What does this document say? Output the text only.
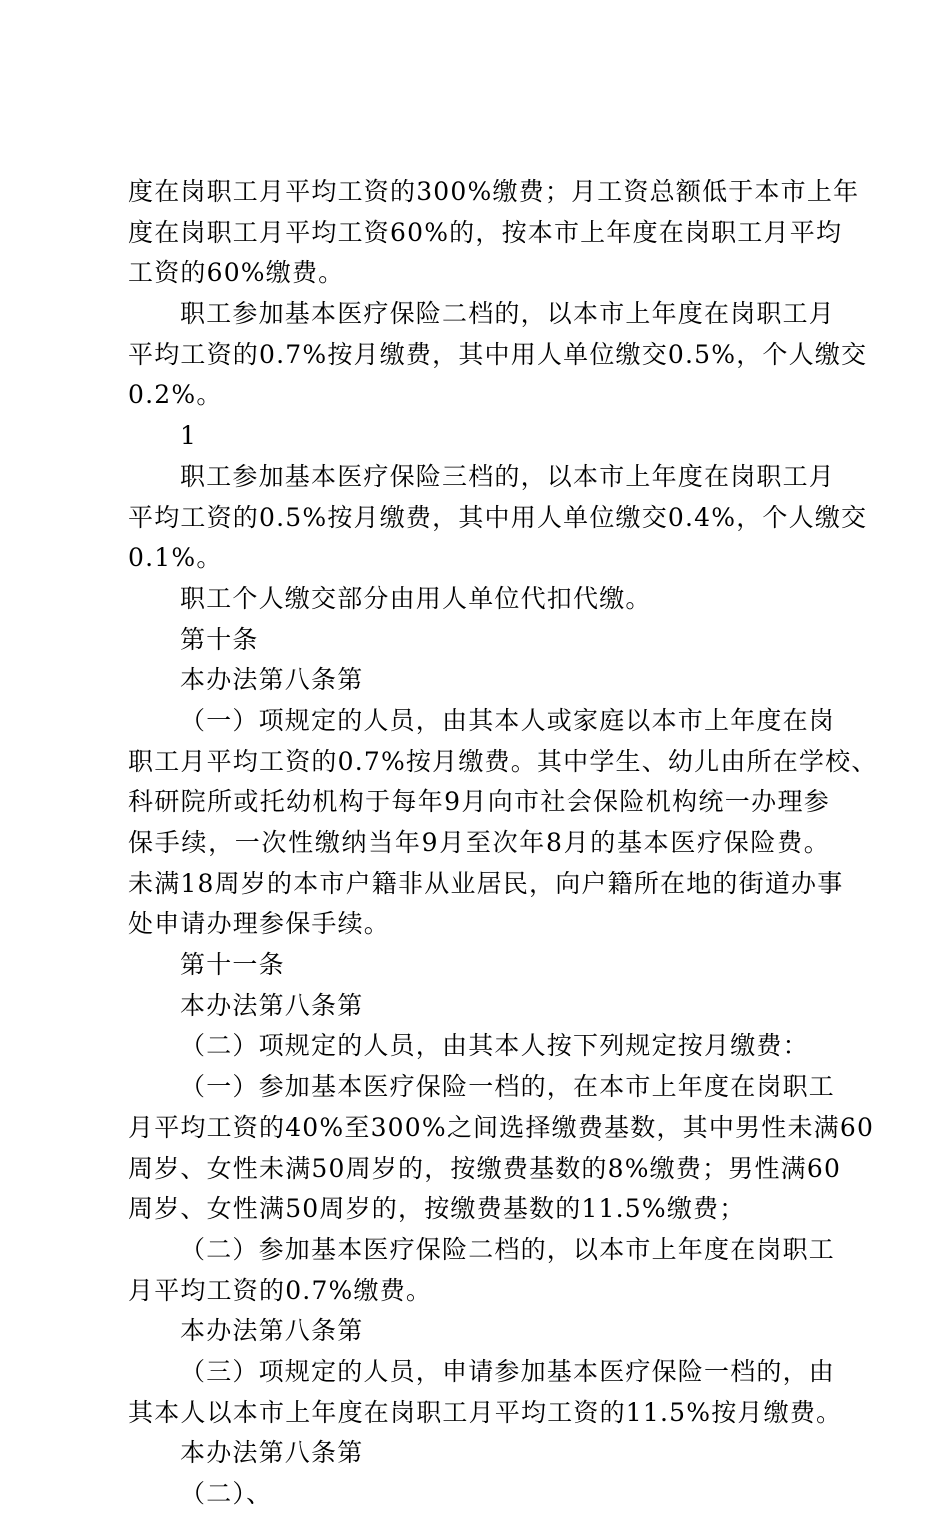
度在岗职工月平均工资的300%缴费；月工资总额低于本市上年
度在岗职工月平均工资60%的，按本市上年度在岗职工月平均
工资的60%缴费。
职工参加基本医疗保险二档的，以本市上年度在岗职工月
平均工资的0.7%按月缴费，其中用人单位缴交0.5%，个人缴交
0.2%。
1
职工参加基本医疗保险三档的，以本市上年度在岗职工月
平均工资的0.5%按月缴费，其中用人单位缴交0.4%，个人缴交
0.1%。
职工个人缴交部分由用人单位代扣代缴。
第十条
本办法第八条第
（一）项规定的人员，由其本人或家庭以本市上年度在岗
职工月平均工资的0.7%按月缴费。其中学生、幼儿由所在学校、
科研院所或托幼机构于每年9月向市社会保险机构统一办理参
保手续，一次性缴纳当年9月至次年8月的基本医疗保险费。
未满18周岁的本市户籍非从业居民，向户籍所在地的街道办事
处申请办理参保手续。
第十一条
本办法第八条第
（二）项规定的人员，由其本人按下列规定按月缴费：
（一）参加基本医疗保险一档的，在本市上年度在岗职工
月平均工资的40%至300%之间选择缴费基数，其中男性未满60
周岁、女性未满50周岁的，按缴费基数的8%缴费；男性满60
周岁、女性满50周岁的，按缴费基数的11.5%缴费；
（二）参加基本医疗保险二档的，以本市上年度在岗职工
月平均工资的0.7%缴费。
本办法第八条第
（三）项规定的人员，申请参加基本医疗保险一档的，由
其本人以本市上年度在岗职工月平均工资的11.5%按月缴费。
本办法第八条第
（二）、
